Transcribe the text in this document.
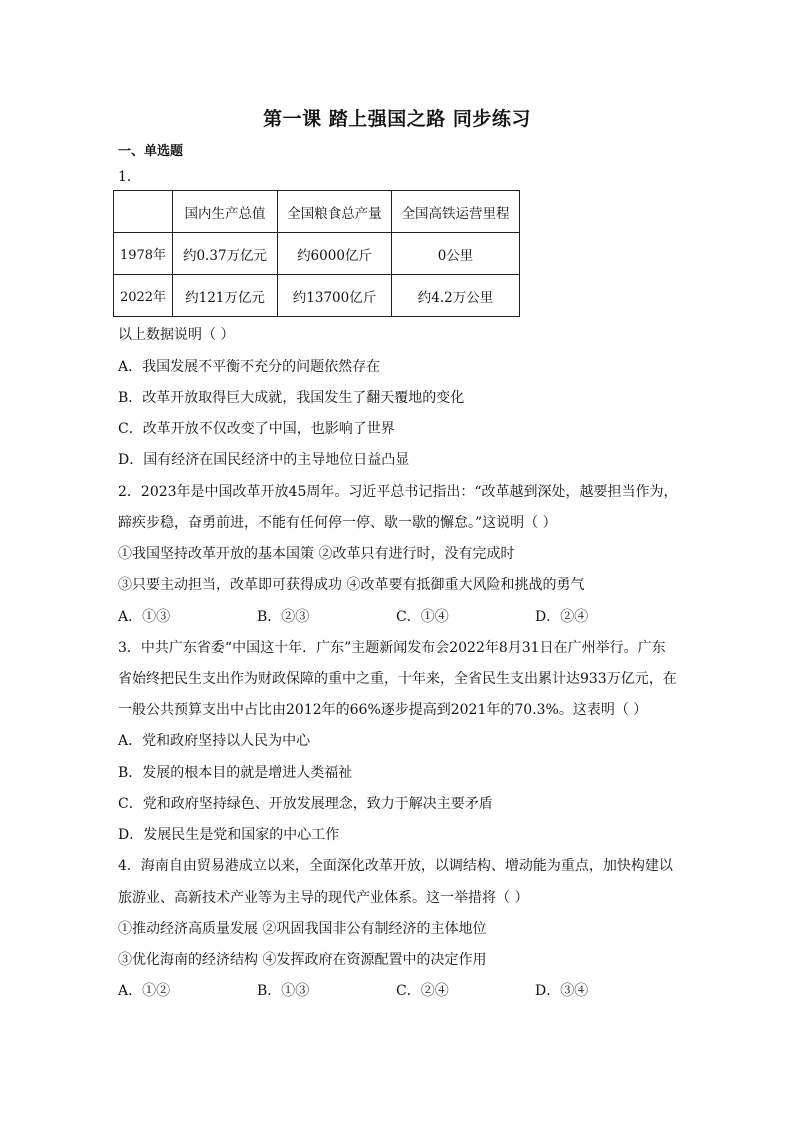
第一课 踏上强国之路 同步练习
一、单选题
1．
	国内生产总值	全国粮食总产量	全国高铁运营里程
1978年	约0.37万亿元	约6000亿斤	0公里
2022年	约121万亿元	约13700亿斤	约4.2万公里
以上数据说明（ ）
A．我国发展不平衡不充分的问题依然存在
B．改革开放取得巨大成就，我国发生了翻天覆地的变化
C．改革开放不仅改变了中国，也影响了世界
D．国有经济在国民经济中的主导地位日益凸显
2．2023年是中国改革开放45周年。习近平总书记指出：“改革越到深处，越要担当作为，
蹄疾步稳，奋勇前进，不能有任何停一停、歇一歇的懈怠。”这说明（ ）
①我国坚持改革开放的基本国策 ②改革只有进行时，没有完成时
③只要主动担当，改革即可获得成功 ④改革要有抵御重大风险和挑战的勇气
A．①③	B．②③	C．①④	D．②④
3．中共广东省委“中国这十年．广东”主题新闻发布会2022年8月31日在广州举行。广东
省始终把民生支出作为财政保障的重中之重，十年来，全省民生支出累计达933万亿元，在
一般公共预算支出中占比由2012年的66%逐步提高到2021年的70.3%。这表明（ ）
A．党和政府坚持以人民为中心
B．发展的根本目的就是增进人类福祉
C．党和政府坚持绿色、开放发展理念，致力于解决主要矛盾
D．发展民生是党和国家的中心工作
4．海南自由贸易港成立以来，全面深化改革开放，以调结构、增动能为重点，加快构建以
旅游业、高新技术产业等为主导的现代产业体系。这一举措将（ ）
①推动经济高质量发展 ②巩固我国非公有制经济的主体地位
③优化海南的经济结构 ④发挥政府在资源配置中的决定作用
A．①②	B．①③	C．②④	D．③④
